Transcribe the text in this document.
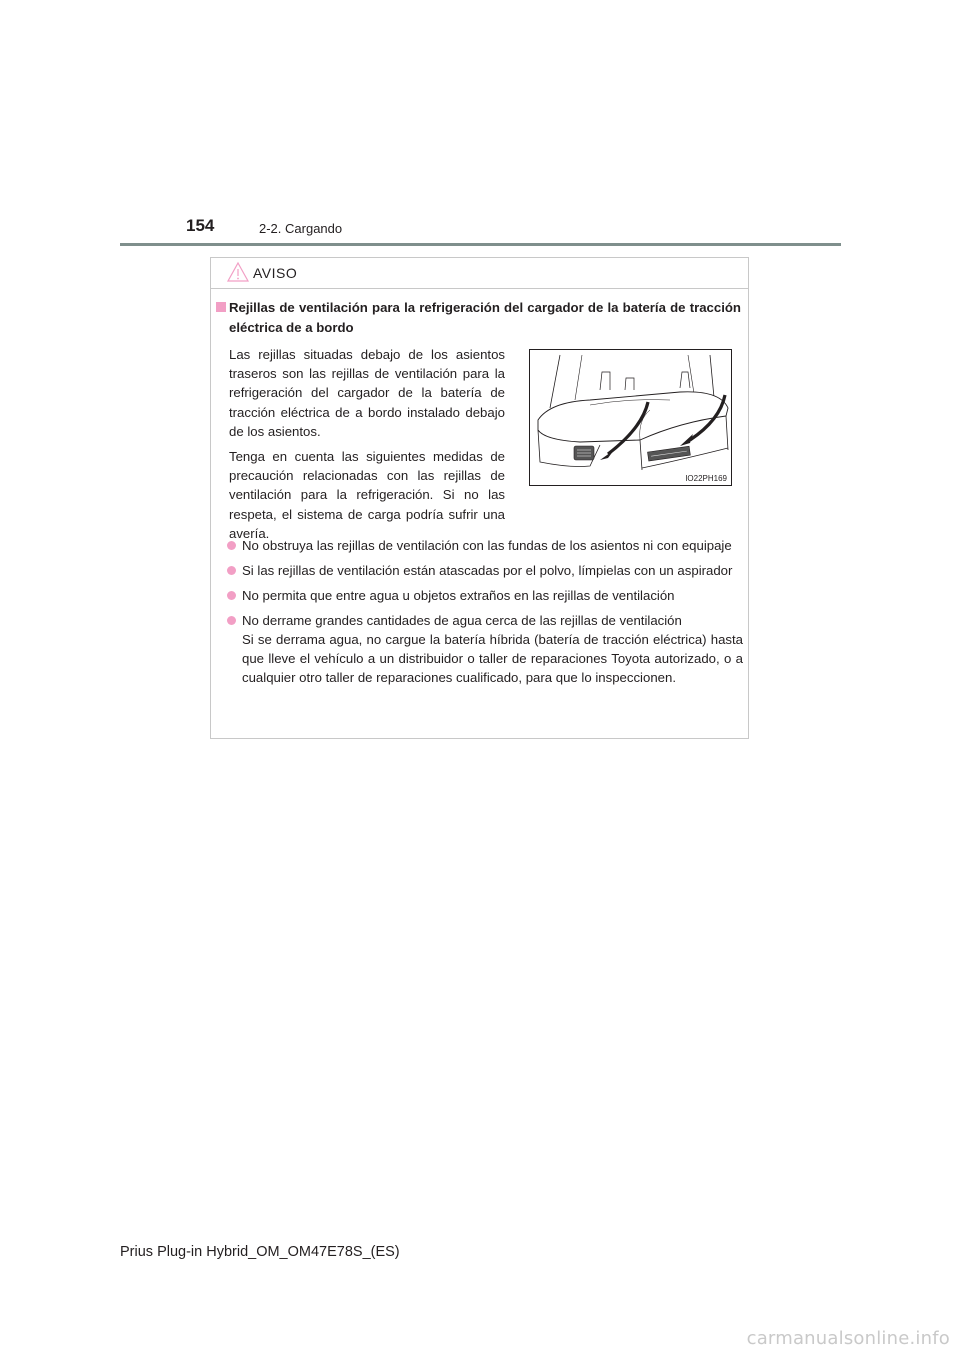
154	2-2. Cargando
AVISO
Rejillas de ventilación para la refrigeración del cargador de la batería de tracción eléctrica de a bordo

Las rejillas situadas debajo de los asientos traseros son las rejillas de ventilación para la refrigeración del cargador de la batería de tracción eléctrica de a bordo instalado debajo de los asientos.

Tenga en cuenta las siguientes medidas de precaución relacionadas con las rejillas de ventilación para la refrigeración. Si no las respeta, el sistema de carga podría sufrir una avería.

IO22PH169
No obstruya las rejillas de ventilación con las fundas de los asientos ni con equipaje
Si las rejillas de ventilación están atascadas por el polvo, límpielas con un aspirador
No permita que entre agua u objetos extraños en las rejillas de ventilación
No derrame grandes cantidades de agua cerca de las rejillas de ventilación
Si se derrama agua, no cargue la batería híbrida (batería de tracción eléctrica) hasta que lleve el vehículo a un distribuidor o taller de reparaciones Toyota autorizado, o a cualquier otro taller de reparaciones cualificado, para que lo inspeccionen.
Prius Plug-in Hybrid_OM_OM47E78S_(ES)
carmanualsonline.info
